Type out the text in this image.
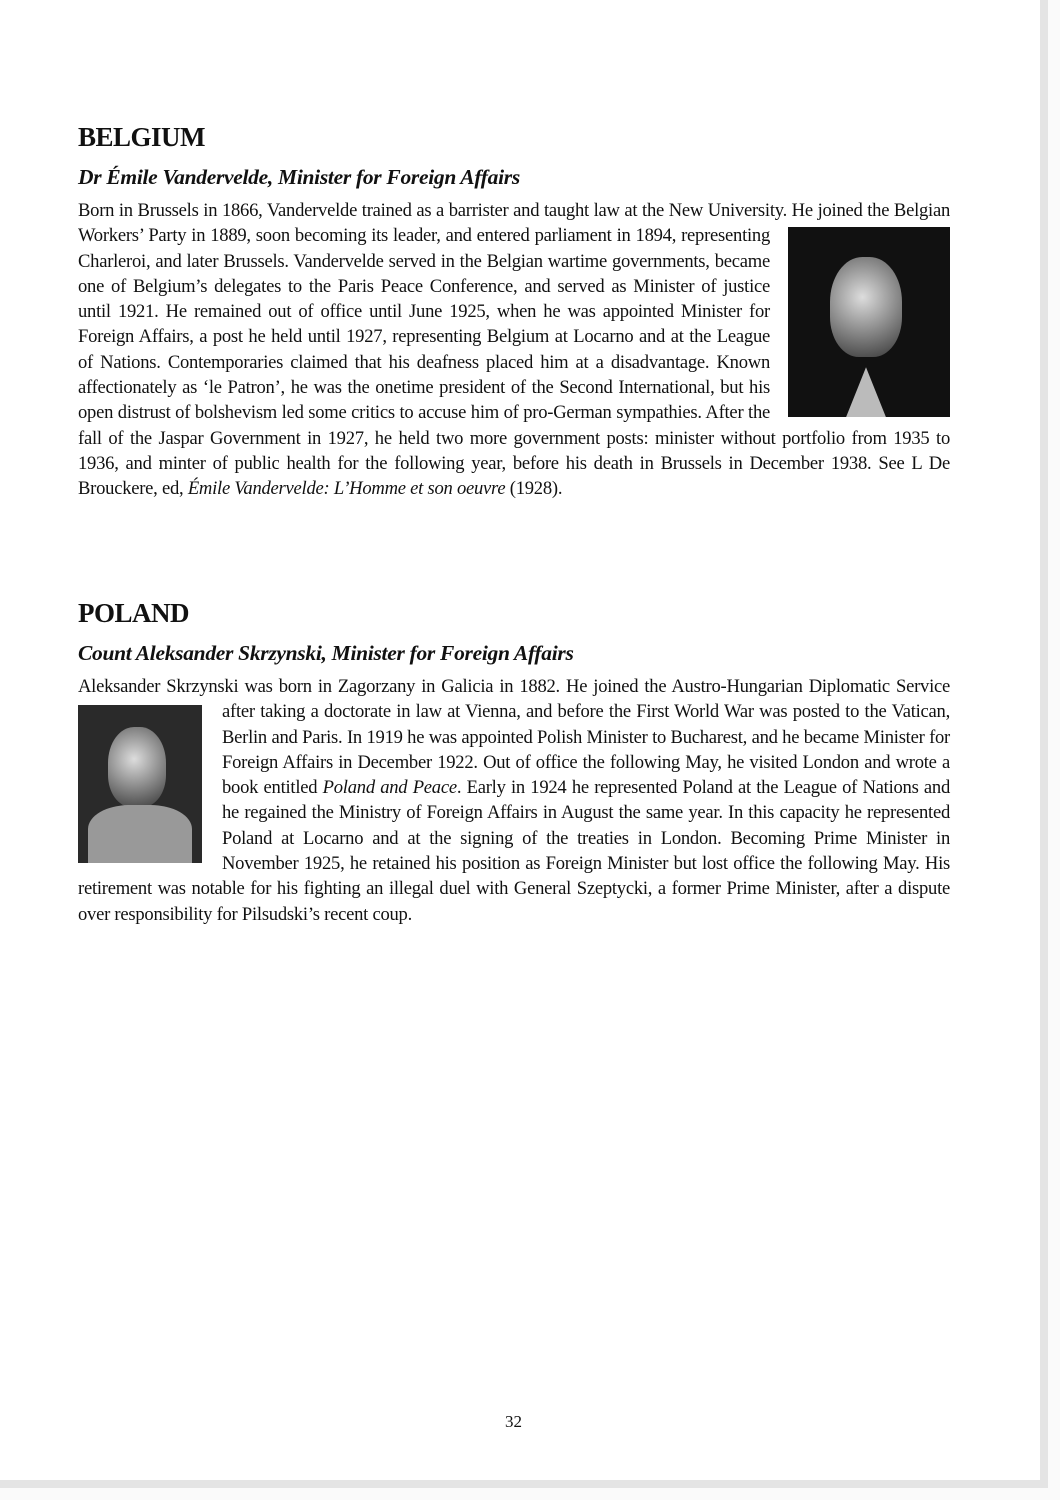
BELGIUM
Dr Émile Vandervelde, Minister for Foreign Affairs

Born in Brussels in 1866, Vandervelde trained as a barrister and taught law at the New University. He joined the Belgian Workers’ Party in 1889, soon becoming its leader, and entered parliament in
1894, representing Charleroi, and later Brussels. Vandervelde served in the Belgian wartime governments, became one of Belgium’s delegates to the Paris Peace Conference, and served as Minister of justice until 1921. He remained out of office until June 1925, when he was appointed Minister for Foreign Affairs, a post he held until 1927, representing Belgium at Locarno and at the League of Nations. Contemporaries claimed that his deafness placed him at a disadvantage. Known affectionately as ‘le Patron’, he was the onetime president of the Second International, but his open distrust of bolshevism led some critics to accuse him of pro-German sympathies. After the fall of the Jaspar Government in 1927, he held two more government posts: minister without portfolio from 1935 to 1936, and minter of public health for the following year, before his death in Brussels in December 1938. See L De Brouckere, ed, Émile Vandervelde: L’Homme et son oeuvre (1928).

POLAND
Count Aleksander Skrzynski, Minister for Foreign Affairs

Aleksander Skrzynski was born in Zagorzany in Galicia in 1882. He joined the Austro-Hungarian Diplomatic Service after taking a doctorate in law at Vienna, and before the First World War was
posted to the Vatican, Berlin and Paris. In 1919 he was appointed Polish Minister to Bucharest, and he became Minister for Foreign Affairs in December 1922. Out of office the following May, he visited London and wrote a book entitled Poland and Peace. Early in 1924 he represented Poland at the League of Nations and he regained the Ministry of Foreign Affairs in August the same year. In this capacity he represented Poland at Locarno and at the signing of the treaties in London. Becoming Prime Minister in November 1925, he retained his position as Foreign Minister but lost office the following May. His retirement was notable for his fighting an illegal duel with General Szeptycki, a former Prime Minister, after a dispute over responsibility for Pilsudski’s recent coup.

32
